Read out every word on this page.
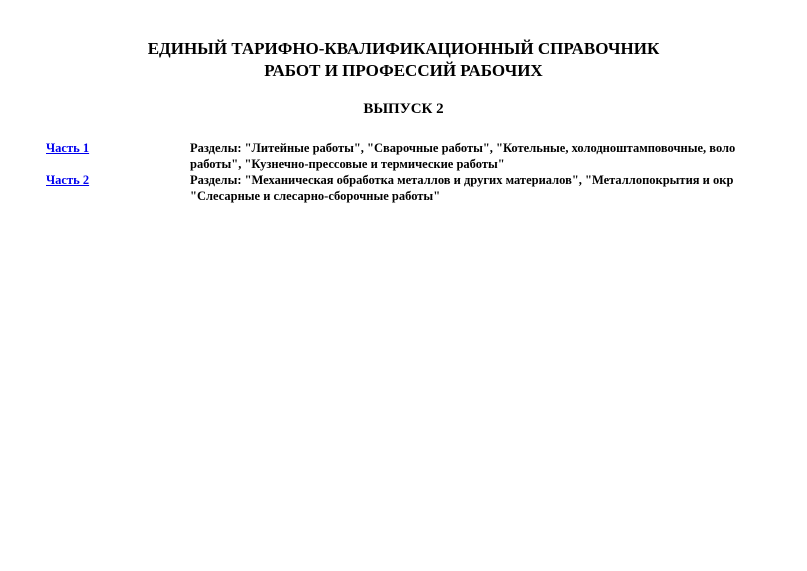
ЕДИНЫЙ ТАРИФНО-КВАЛИФИКАЦИОННЫЙ СПРАВОЧНИК
РАБОТ И ПРОФЕССИЙ РАБОЧИХ
ВЫПУСК 2
Часть 1	Разделы: "Литейные работы", "Сварочные работы", "Котельные, холодноштамповочные, воло
работы", "Кузнечно-прессовые и термические работы"
Часть 2	Разделы: "Механическая обработка металлов и других материалов", "Металлопокрытия и окр
"Слесарные и слесарно-сборочные работы"
